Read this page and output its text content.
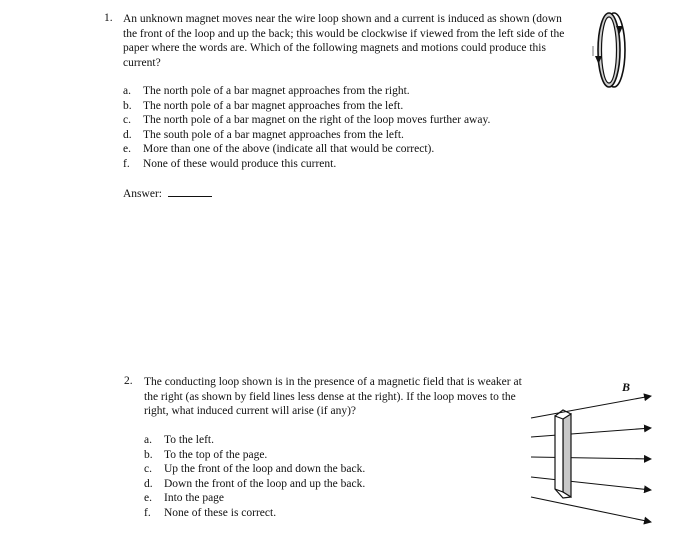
1. An unknown magnet moves near the wire loop shown and a current is induced as shown (down the front of the loop and up the back; this would be clockwise if viewed from the left side of the paper where the words are. Which of the following magnets and motions could produce this current?
a.	The north pole of a bar magnet approaches from the right.
b. The north pole of a bar magnet approaches from the left.
c.	The north pole of a bar magnet on the right of the loop moves further away.
d. The south pole of a bar magnet approaches from the left.
e.	More than one of the above (indicate all that would be correct).
f.	None of these would produce this current.
Answer:
2. The conducting loop shown is in the presence of a magnetic field that is weaker at the right (as shown by field lines less dense at the right). If the loop moves to the right, what induced current will arise (if any)?
a.	To the left.
b. To the top of the page.
c.	Up the front of the loop and down the back.
d. Down the front of the loop and up the back.
e.	Into the page
f.	None of these is correct.
B
